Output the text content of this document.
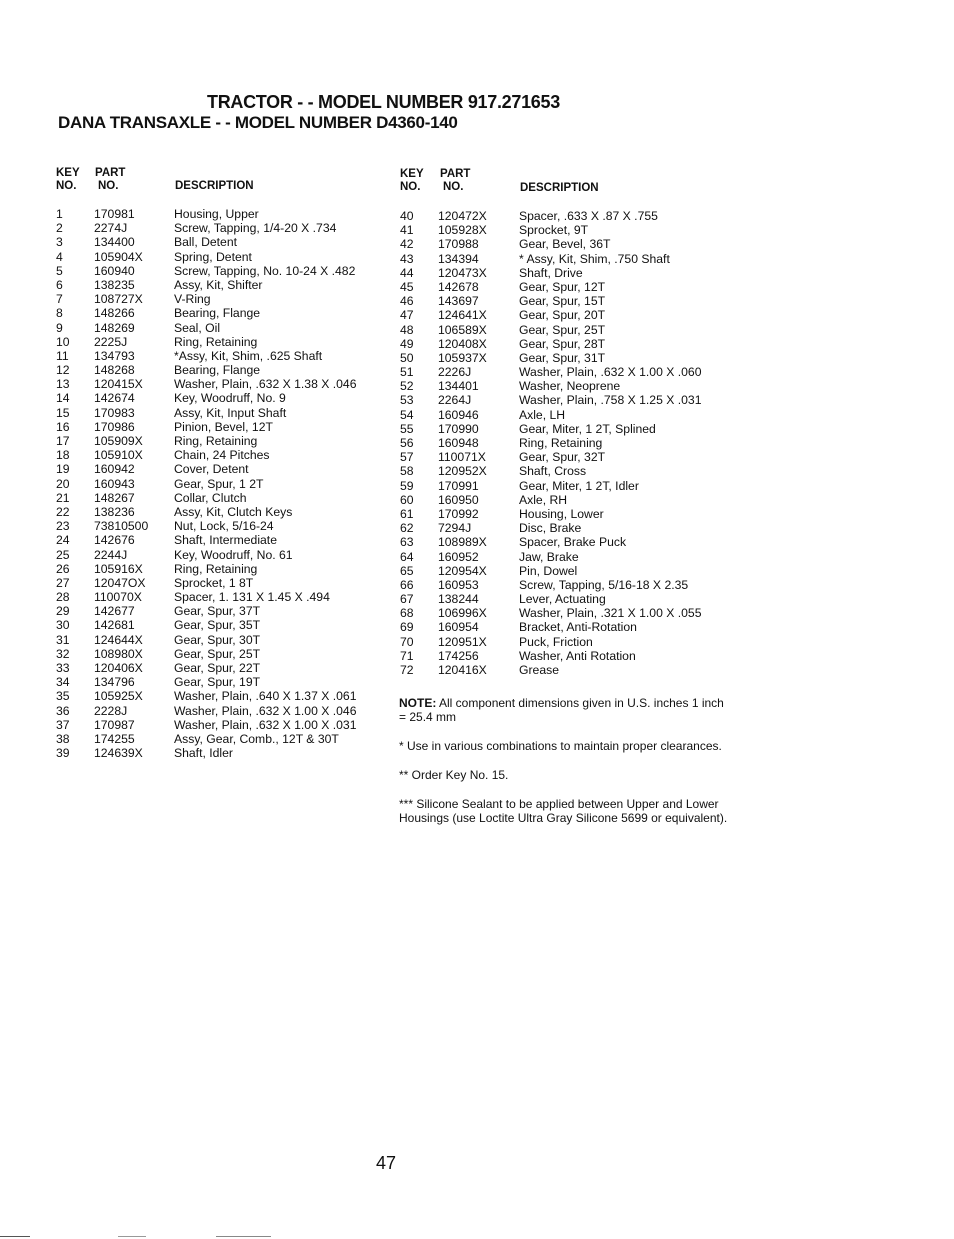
TRACTOR - - MODEL NUMBER 917.271653
DANA TRANSAXLE - - MODEL NUMBER D4360-140
KEY
NO.
PART
NO.	DESCRIPTION
KEY
NO.
PART
NO.	DESCRIPTION
1	170981	Housing, Upper
2	2274J	Screw, Tapping, 1/4-20 X .734
3	134400	Ball, Detent
4	105904X	Spring, Detent
5	160940	Screw, Tapping, No. 10-24 X .482
6	138235	Assy, Kit, Shifter
7	108727X	V-Ring
8	148266	Bearing, Flange
9	148269	Seal, Oil
10 2225J	Ring, Retaining
11 134793	*Assy, Kit, Shim, .625 Shaft
12 148268	Bearing, Flange
13 120415X	Washer, Plain, .632 X 1.38 X .046
14 142674	Key, Woodruff, No. 9
15 170983	Assy, Kit, Input Shaft
16 170986	Pinion, Bevel, 12T
17 105909X	Ring, Retaining
18 105910X	Chain, 24 Pitches
19 160942	Cover, Detent
20 160943	Gear, Spur, 1 2T
21 148267	Collar, Clutch
22 138236	Assy, Kit, Clutch Keys
23 73810500 Nut, Lock, 5/16-24
24 142676	Shaft, Intermediate
25 2244J	Key, Woodruff, No. 61
26 105916X	Ring, Retaining
27 12047OX Sprocket, 1 8T
28 110070X	Spacer, 1. 131 X 1.45 X .494
29 142677	Gear, Spur, 37T
30 142681	Gear, Spur, 35T
31 124644X	Gear, Spur, 30T
32 108980X	Gear, Spur, 25T
33 120406X	Gear, Spur, 22T
34 134796	Gear, Spur, 19T
35 105925X	Washer, Plain, .640 X 1.37 X .061
36 2228J	Washer, Plain, .632 X 1.00 X .046
37 170987	Washer, Plain, .632 X 1.00 X .031
38 174255	Assy, Gear, Comb., 12T & 30T
39 124639X	Shaft, Idler
40 120472X	Spacer, .633 X .87 X .755
41 105928X	Sprocket, 9T
42 170988	Gear, Bevel, 36T
43 134394	* Assy, Kit, Shim, .750 Shaft
44 120473X	Shaft, Drive
45 142678	Gear, Spur, 12T
46 143697	Gear, Spur, 15T
47 124641X	Gear, Spur, 20T
48 106589X	Gear, Spur, 25T
49 120408X	Gear, Spur, 28T
50 105937X	Gear, Spur, 31T
51 2226J	Washer, Plain, .632 X 1.00 X .060
52 134401	Washer, Neoprene
53 2264J	Washer, Plain, .758 X 1.25 X .031
54 160946	Axle, LH
55 170990	Gear, Miter, 1 2T, Splined
56 160948	Ring, Retaining
57 110071X	Gear, Spur, 32T
58 120952X	Shaft, Cross
59 170991	Gear, Miter, 1 2T, Idler
60 160950	Axle, RH
61 170992	Housing, Lower
62 7294J	Disc, Brake
63 108989X	Spacer, Brake Puck
64 160952	Jaw, Brake
65 120954X	Pin, Dowel
66 160953	Screw, Tapping, 5/16-18 X 2.35
67 138244	Lever, Actuating
68 106996X	Washer, Plain, .321 X 1.00 X .055
69 160954	Bracket, Anti-Rotation
70 120951X	Puck, Friction
71 174256	Washer, Anti Rotation
72 120416X	Grease

NOTE: All component dimensions given in U.S. inches 1 inch = 25.4 mm

* Use in various combinations to maintain proper clearances.

** Order Key No. 15.

*** Silicone Sealant to be applied between Upper and Lower Housings (use Loctite Ultra Gray Silicone 5699 or equivalent).

47
